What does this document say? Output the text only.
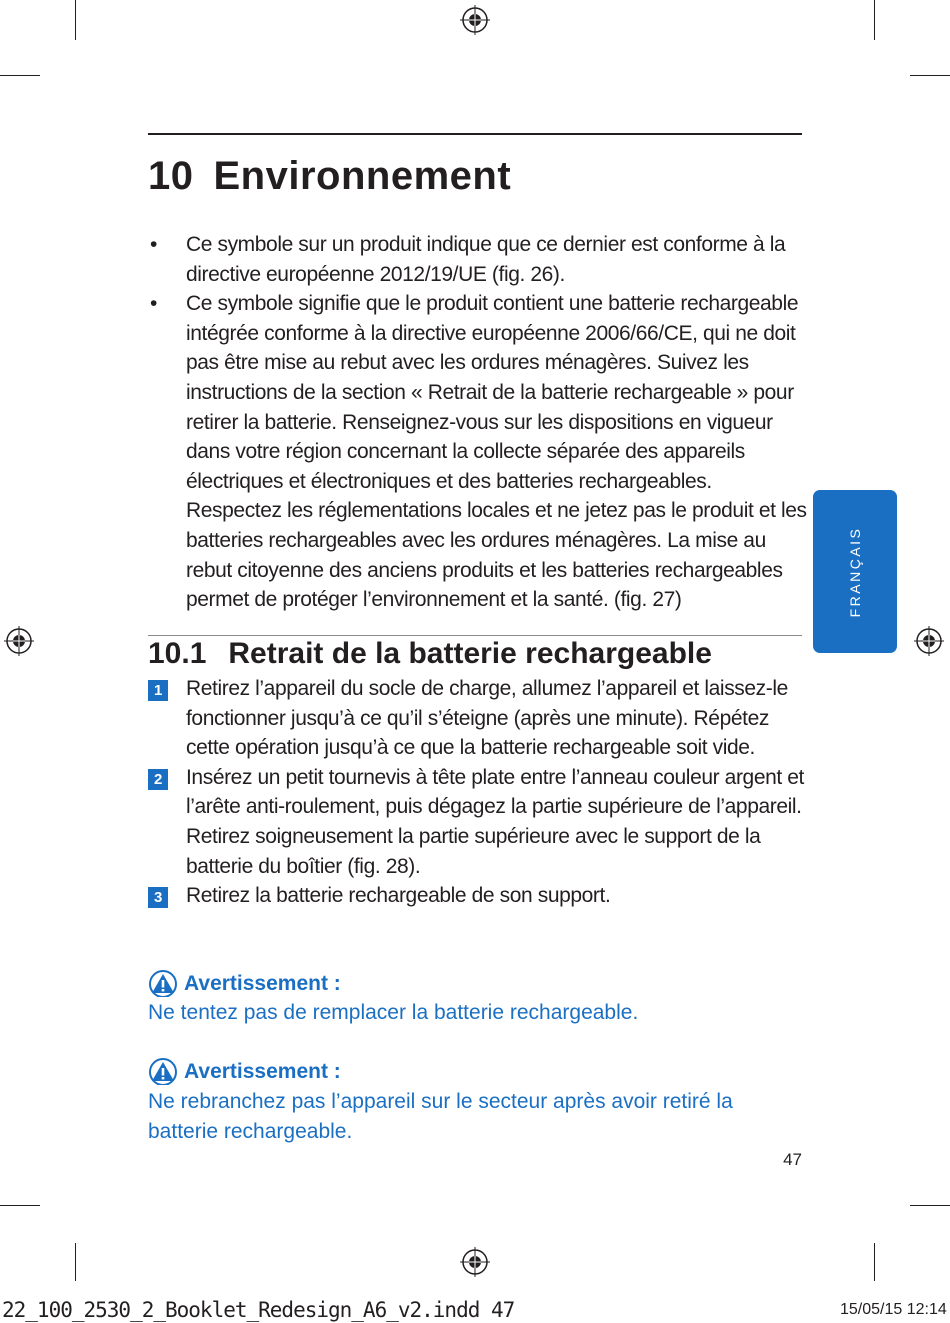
10 Environnement
• Ce symbole sur un produit indique que ce dernier est conforme à la directive européenne 2012/19/UE (fig. 26).
• Ce symbole signifie que le produit contient une batterie rechargeable intégrée conforme à la directive européenne 2006/66/CE, qui ne doit pas être mise au rebut avec les ordures ménagères. Suivez les instructions de la section « Retrait de la batterie rechargeable » pour retirer la batterie. Renseignez-vous sur les dispositions en vigueur dans votre région concernant la collecte séparée des appareils électriques et électroniques et des batteries rechargeables. Respectez les réglementations locales et ne jetez pas le produit et les batteries rechargeables avec les ordures ménagères. La mise au rebut citoyenne des anciens produits et les batteries rechargeables permet de protéger l’environnement et la santé. (fig. 27)
10.1 Retrait de la batterie rechargeable
1 Retirez l’appareil du socle de charge, allumez l’appareil et laissez-le fonctionner jusqu’à ce qu’il s’éteigne (après une minute). Répétez cette opération jusqu’à ce que la batterie rechargeable soit vide.
2 Insérez un petit tournevis à tête plate entre l’anneau couleur argent et l’arête anti-roulement, puis dégagez la partie supérieure de l’appareil. Retirez soigneusement la partie supérieure avec le support de la batterie du boîtier (fig. 28).
3 Retirez la batterie rechargeable de son support.
Avertissement :
Ne tentez pas de remplacer la batterie rechargeable.
Avertissement :
Ne rebranchez pas l’appareil sur le secteur après avoir retiré la batterie rechargeable.
FRANÇAIS
47
22_100_2530_2_Booklet_Redesign_A6_v2.indd 47	15/05/15 12:14
